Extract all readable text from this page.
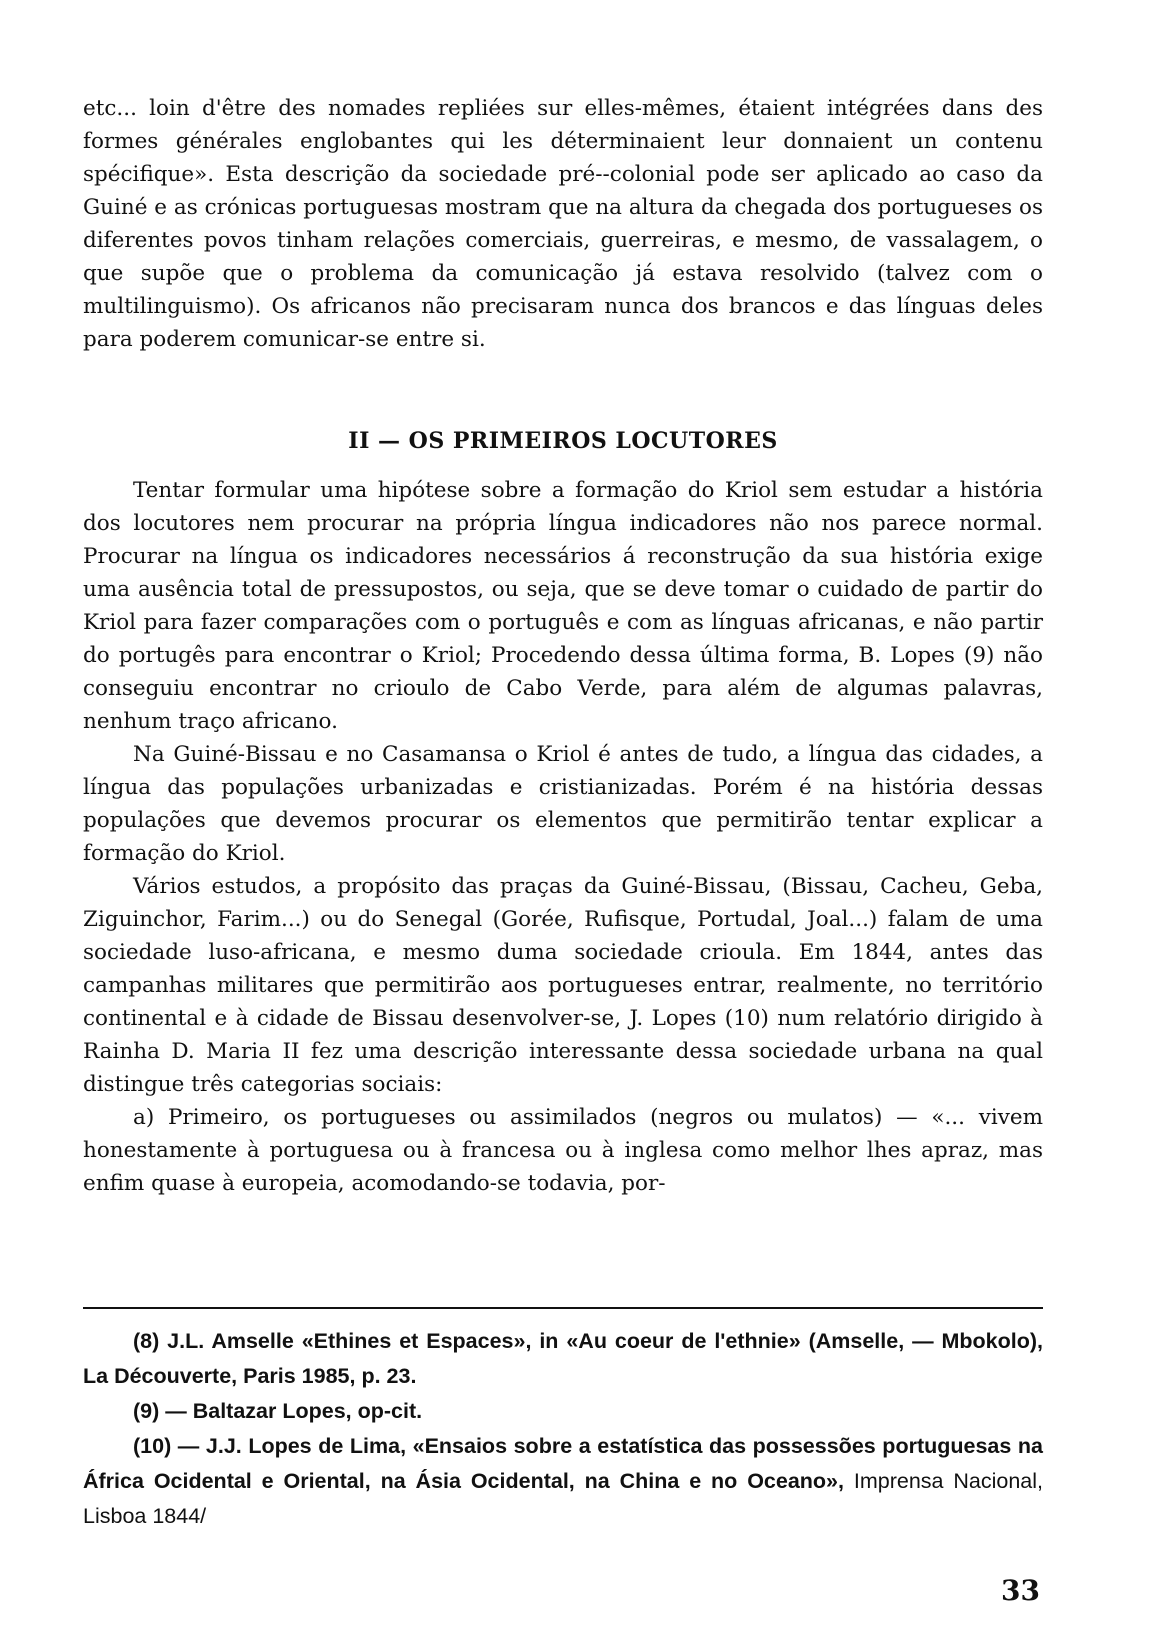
etc... loin d'être des nomades repliées sur elles-mêmes, étaient intégrées dans des formes générales englobantes qui les déterminaient leur donnaient un contenu spécifique». Esta descrição da sociedade pré--colonial pode ser aplicado ao caso da Guiné e as crónicas portuguesas mostram que na altura da chegada dos portugueses os diferentes povos tinham relações comerciais, guerreiras, e mesmo, de vassalagem, o que supõe que o problema da comunicação já estava resolvido (talvez com o multilinguismo). Os africanos não precisaram nunca dos brancos e das línguas deles para poderem comunicar-se entre si.

II — OS PRIMEIROS LOCUTORES

Tentar formular uma hipótese sobre a formação do Kriol sem estudar a história dos locutores nem procurar na própria língua indicadores não nos parece normal. Procurar na língua os indicadores necessários á reconstrução da sua história exige uma ausência total de pressupostos, ou seja, que se deve tomar o cuidado de partir do Kriol para fazer comparações com o português e com as línguas africanas, e não partir do portugês para encontrar o Kriol; Procedendo dessa última forma, B. Lopes (9) não conseguiu encontrar no crioulo de Cabo Verde, para além de algumas palavras, nenhum traço africano.

Na Guiné-Bissau e no Casamansa o Kriol é antes de tudo, a língua das cidades, a língua das populações urbanizadas e cristianizadas. Porém é na história dessas populações que devemos procurar os elementos que permitirão tentar explicar a formação do Kriol.

Vários estudos, a propósito das praças da Guiné-Bissau, (Bissau, Cacheu, Geba, Ziguinchor, Farim...) ou do Senegal (Gorée, Rufisque, Portudal, Joal...) falam de uma sociedade luso-africana, e mesmo duma sociedade crioula. Em 1844, antes das campanhas militares que permitirão aos portugueses entrar, realmente, no território continental e à cidade de Bissau desenvolver-se, J. Lopes (10) num relatório dirigido à Rainha D. Maria II fez uma descrição interessante dessa sociedade urbana na qual distingue três categorias sociais:

a) Primeiro, os portugueses ou assimilados (negros ou mulatos) — «... vivem honestamente à portuguesa ou à francesa ou à inglesa como melhor lhes apraz, mas enfim quase à europeia, acomodando-se todavia, por-

(8) J.L. Amselle «Ethines et Espaces», in «Au coeur de l'ethnie» (Amselle, — Mbokolo), La Découverte, Paris 1985, p. 23.

(9) — Baltazar Lopes, op-cit.

(10) — J.J. Lopes de Lima, «Ensaios sobre a estatística das possessões portuguesas na África Ocidental e Oriental, na Ásia Ocidental, na China e no Oceano», Imprensa Nacional, Lisboa 1844/

33
